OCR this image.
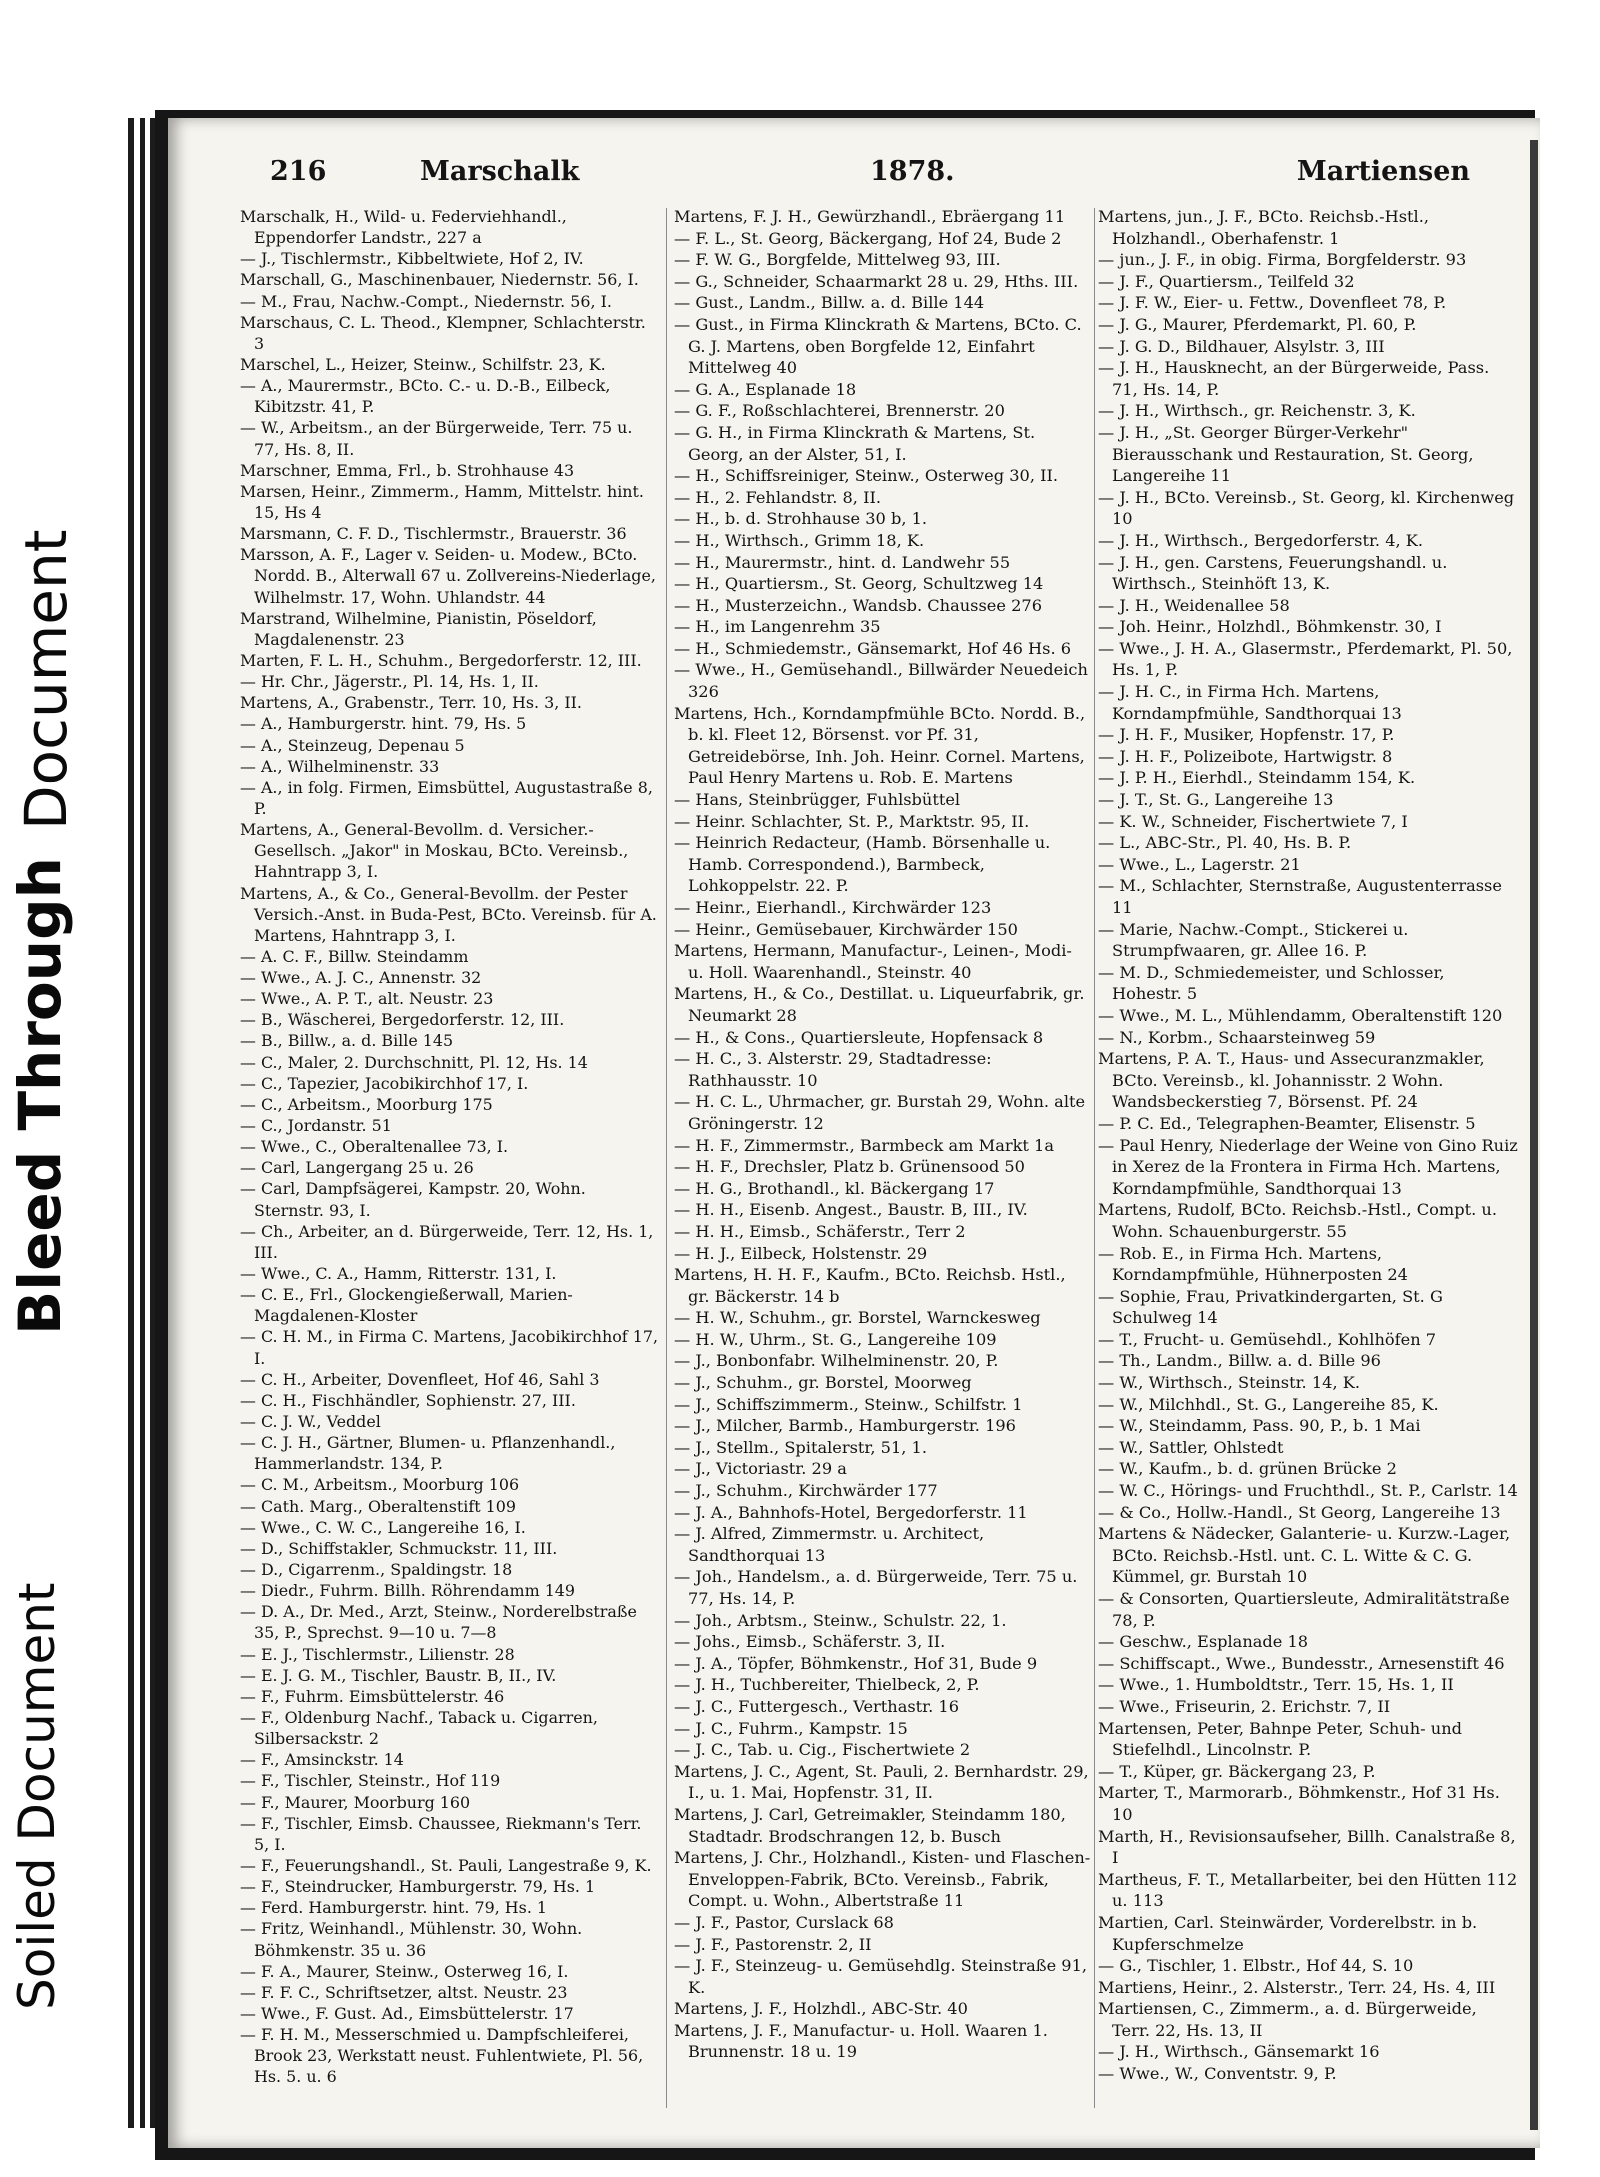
Soiled Document
Bleed Through
Document
216	Marschalk	1878.	Martiensen

Marschalk, H., Wild- u. Federviehhandl., Eppendorfer Landstr., 227 a

— J., Tischlermstr., Kibbeltwiete, Hof 2, IV.

Marschall, G., Maschinenbauer, Niedernstr. 56, I.

— M., Frau, Nachw.-Compt., Niedernstr. 56, I.

Marschaus, C. L. Theod., Klempner, Schlachterstr. 3

Marschel, L., Heizer, Steinw., Schilfstr. 23, K.

— A., Maurermstr., BCto. C.- u. D.-B., Eilbeck, Kibitzstr. 41, P.

— W., Arbeitsm., an der Bürgerweide, Terr. 75 u. 77, Hs. 8, II.

Marschner, Emma, Frl., b. Strohhause 43

Marsen, Heinr., Zimmerm., Hamm, Mittelstr. hint. 15, Hs 4

Marsmann, C. F. D., Tischlermstr., Brauerstr. 36

Marsson, A. F., Lager v. Seiden- u. Modew., BCto. Nordd. B., Alterwall 67 u. Zollvereins-Niederlage, Wilhelmstr. 17, Wohn. Uhlandstr. 44

Marstrand, Wilhelmine, Pianistin, Pöseldorf, Magdalenenstr. 23

Marten, F. L. H., Schuhm., Bergedorferstr. 12, III.

— Hr. Chr., Jägerstr., Pl. 14, Hs. 1, II.

Martens, A., Grabenstr., Terr. 10, Hs. 3, II.

— A., Hamburgerstr. hint. 79, Hs. 5

— A., Steinzeug, Depenau 5

— A., Wilhelminenstr. 33

— A., in folg. Firmen, Eimsbüttel, Augustastraße 8, P.

Martens, A., General-Bevollm. d. Versicher.-Gesellsch. „Jakor" in Moskau, BCto. Vereinsb., Hahntrapp 3, I.

Martens, A., & Co., General-Bevollm. der Pester Versich.-Anst. in Buda-Pest, BCto. Vereinsb. für A. Martens, Hahntrapp 3, I.

— A. C. F., Billw. Steindamm

— Wwe., A. J. C., Annenstr. 32

— Wwe., A. P. T., alt. Neustr. 23

— B., Wäscherei, Bergedorferstr. 12, III.

— B., Billw., a. d. Bille 145

— C., Maler, 2. Durchschnitt, Pl. 12, Hs. 14

— C., Tapezier, Jacobikirchhof 17, I.

— C., Arbeitsm., Moorburg 175

— C., Jordanstr. 51

— Wwe., C., Oberaltenallee 73, I.

— Carl, Langergang 25 u. 26

— Carl, Dampfsägerei, Kampstr. 20, Wohn. Sternstr. 93, I.

— Ch., Arbeiter, an d. Bürgerweide, Terr. 12, Hs. 1, III.

— Wwe., C. A., Hamm, Ritterstr. 131, I.

— C. E., Frl., Glockengießerwall, Marien-Magdalenen-Kloster

— C. H. M., in Firma C. Martens, Jacobikirchhof 17, I.

— C. H., Arbeiter, Dovenfleet, Hof 46, Sahl 3

— C. H., Fischhändler, Sophienstr. 27, III.

— C. J. W., Veddel

— C. J. H., Gärtner, Blumen- u. Pflanzenhandl., Hammerlandstr. 134, P.

— C. M., Arbeitsm., Moorburg 106

— Cath. Marg., Oberaltenstift 109

— Wwe., C. W. C., Langereihe 16, I.

— D., Schiffstakler, Schmuckstr. 11, III.

— D., Cigarrenm., Spaldingstr. 18

— Diedr., Fuhrm. Billh. Röhrendamm 149

— D. A., Dr. Med., Arzt, Steinw., Norderelbstraße 35, P., Sprechst. 9—10 u. 7—8

— E. J., Tischlermstr., Lilienstr. 28

— E. J. G. M., Tischler, Baustr. B, II., IV.

— F., Fuhrm. Eimsbüttelerstr. 46

— F., Oldenburg Nachf., Taback u. Cigarren, Silbersackstr. 2

— F., Amsinckstr. 14

— F., Tischler, Steinstr., Hof 119

— F., Maurer, Moorburg 160

— F., Tischler, Eimsb. Chaussee, Riekmann's Terr. 5, I.

— F., Feuerungshandl., St. Pauli, Langestraße 9, K.

— F., Steindrucker, Hamburgerstr. 79, Hs. 1

— Ferd. Hamburgerstr. hint. 79, Hs. 1

— Fritz, Weinhandl., Mühlenstr. 30, Wohn. Böhmkenstr. 35 u. 36

— F. A., Maurer, Steinw., Osterweg 16, I.

— F. F. C., Schriftsetzer, altst. Neustr. 23

— Wwe., F. Gust. Ad., Eimsbüttelerstr. 17

— F. H. M., Messerschmied u. Dampfschleiferei, Brook 23, Werkstatt neust. Fuhlentwiete, Pl. 56, Hs. 5. u. 6

Martens, F. J. H., Gewürzhandl., Ebräergang 11

— F. L., St. Georg, Bäckergang, Hof 24, Bude 2

— F. W. G., Borgfelde, Mittelweg 93, III.

— G., Schneider, Schaarmarkt 28 u. 29, Hths. III.

— Gust., Landm., Billw. a. d. Bille 144

— Gust., in Firma Klinckrath & Martens, BCto. C. G. J. Martens, oben Borgfelde 12, Einfahrt Mittelweg 40

— G. A., Esplanade 18

— G. F., Roßschlachterei, Brennerstr. 20

— G. H., in Firma Klinckrath & Martens, St. Georg, an der Alster, 51, I.

— H., Schiffsreiniger, Steinw., Osterweg 30, II.

— H., 2. Fehlandstr. 8, II.

— H., b. d. Strohhause 30 b, 1.

— H., Wirthsch., Grimm 18, K.

— H., Maurermstr., hint. d. Landwehr 55

— H., Quartiersm., St. Georg, Schultzweg 14

— H., Musterzeichn., Wandsb. Chaussee 276

— H., im Langenrehm 35

— H., Schmiedemstr., Gänsemarkt, Hof 46 Hs. 6

— Wwe., H., Gemüsehandl., Billwärder Neuedeich 326

Martens, Hch., Korndampfmühle BCto. Nordd. B., b. kl. Fleet 12, Börsenst. vor Pf. 31, Getreidebörse, Inh. Joh. Heinr. Cornel. Martens, Paul Henry Martens u. Rob. E. Martens

— Hans, Steinbrügger, Fuhlsbüttel

— Heinr. Schlachter, St. P., Marktstr. 95, II.

— Heinrich Redacteur, (Hamb. Börsenhalle u. Hamb. Correspondend.), Barmbeck, Lohkoppelstr. 22. P.

— Heinr., Eierhandl., Kirchwärder 123

— Heinr., Gemüsebauer, Kirchwärder 150

Martens, Hermann, Manufactur-, Leinen-, Modi- u. Holl. Waarenhandl., Steinstr. 40

Martens, H., & Co., Destillat. u. Liqueurfabrik, gr. Neumarkt 28

— H., & Cons., Quartiersleute, Hopfensack 8

— H. C., 3. Alsterstr. 29, Stadtadresse: Rathhausstr. 10

— H. C. L., Uhrmacher, gr. Burstah 29, Wohn. alte Gröningerstr. 12

— H. F., Zimmermstr., Barmbeck am Markt 1a

— H. F., Drechsler, Platz b. Grünensood 50

— H. G., Brothandl., kl. Bäckergang 17

— H. H., Eisenb. Angest., Baustr. B, III., IV.

— H. H., Eimsb., Schäferstr., Terr 2

— H. J., Eilbeck, Holstenstr. 29

Martens, H. H. F., Kaufm., BCto. Reichsb. Hstl., gr. Bäckerstr. 14 b

— H. W., Schuhm., gr. Borstel, Warnckesweg

— H. W., Uhrm., St. G., Langereihe 109

— J., Bonbonfabr. Wilhelminenstr. 20, P.

— J., Schuhm., gr. Borstel, Moorweg

— J., Schiffszimmerm., Steinw., Schilfstr. 1

— J., Milcher, Barmb., Hamburgerstr. 196

— J., Stellm., Spitalerstr, 51, 1.

— J., Victoriastr. 29 a

— J., Schuhm., Kirchwärder 177

— J. A., Bahnhofs-Hotel, Bergedorferstr. 11

— J. Alfred, Zimmermstr. u. Architect, Sandthorquai 13

— Joh., Handelsm., a. d. Bürgerweide, Terr. 75 u. 77, Hs. 14, P.

— Joh., Arbtsm., Steinw., Schulstr. 22, 1.

— Johs., Eimsb., Schäferstr. 3, II.

— J. A., Töpfer, Böhmkenstr., Hof 31, Bude 9

— J. H., Tuchbereiter, Thielbeck, 2, P.

— J. C., Futtergesch., Verthastr. 16

— J. C., Fuhrm., Kampstr. 15

— J. C., Tab. u. Cig., Fischertwiete 2

Martens, J. C., Agent, St. Pauli, 2. Bernhardstr. 29, I., u. 1. Mai, Hopfenstr. 31, II.

Martens, J. Carl, Getreimakler, Steindamm 180, Stadtadr. Brodschrangen 12, b. Busch

Martens, J. Chr., Holzhandl., Kisten- und Flaschen-Enveloppen-Fabrik, BCto. Vereinsb., Fabrik, Compt. u. Wohn., Albertstraße 11

— J. F., Pastor, Curslack 68

— J. F., Pastorenstr. 2, II

— J. F., Steinzeug- u. Gemüsehdlg. Steinstraße 91, K.

Martens, J. F., Holzhdl., ABC-Str. 40

Martens, J. F., Manufactur- u. Holl. Waaren 1. Brunnenstr. 18 u. 19

Martens, jun., J. F., BCto. Reichsb.-Hstl., Holzhandl., Oberhafenstr. 1

— jun., J. F., in obig. Firma, Borgfelderstr. 93

— J. F., Quartiersm., Teilfeld 32

— J. F. W., Eier- u. Fettw., Dovenfleet 78, P.

— J. G., Maurer, Pferdemarkt, Pl. 60, P.

— J. G. D., Bildhauer, Alsylstr. 3, III

— J. H., Hausknecht, an der Bürgerweide, Pass. 71, Hs. 14, P.

— J. H., Wirthsch., gr. Reichenstr. 3, K.

— J. H., „St. Georger Bürger-Verkehr" Bierausschank und Restauration, St. Georg, Langereihe 11

— J. H., BCto. Vereinsb., St. Georg, kl. Kirchenweg 10

— J. H., Wirthsch., Bergedorferstr. 4, K.

— J. H., gen. Carstens, Feuerungshandl. u. Wirthsch., Steinhöft 13, K.

— J. H., Weidenallee 58

— Joh. Heinr., Holzhdl., Böhmkenstr. 30, I

— Wwe., J. H. A., Glasermstr., Pferdemarkt, Pl. 50, Hs. 1, P.

— J. H. C., in Firma Hch. Martens, Korndampfmühle, Sandthorquai 13

— J. H. F., Musiker, Hopfenstr. 17, P.

— J. H. F., Polizeibote, Hartwigstr. 8

— J. P. H., Eierhdl., Steindamm 154, K.

— J. T., St. G., Langereihe 13

— K. W., Schneider, Fischertwiete 7, I

— L., ABC-Str., Pl. 40, Hs. B. P.

— Wwe., L., Lagerstr. 21

— M., Schlachter, Sternstraße, Augustenterrasse 11

— Marie, Nachw.-Compt., Stickerei u. Strumpfwaaren, gr. Allee 16. P.

— M. D., Schmiedemeister, und Schlosser, Hohestr. 5

— Wwe., M. L., Mühlendamm, Oberaltenstift 120

— N., Korbm., Schaarsteinweg 59

Martens, P. A. T., Haus- und Assecuranzmakler, BCto. Vereinsb., kl. Johannisstr. 2 Wohn. Wandsbeckerstieg 7, Börsenst. Pf. 24

— P. C. Ed., Telegraphen-Beamter, Elisenstr. 5

— Paul Henry, Niederlage der Weine von Gino Ruiz in Xerez de la Frontera in Firma Hch. Martens, Korndampfmühle, Sandthorquai 13

Martens, Rudolf, BCto. Reichsb.-Hstl., Compt. u. Wohn. Schauenburgerstr. 55

— Rob. E., in Firma Hch. Martens, Korndampfmühle, Hühnerposten 24

— Sophie, Frau, Privatkindergarten, St. G Schulweg 14

— T., Frucht- u. Gemüsehdl., Kohlhöfen 7

— Th., Landm., Billw. a. d. Bille 96

— W., Wirthsch., Steinstr. 14, K.

— W., Milchhdl., St. G., Langereihe 85, K.

— W., Steindamm, Pass. 90, P., b. 1 Mai

— W., Sattler, Ohlstedt

— W., Kaufm., b. d. grünen Brücke 2

— W. C., Hörings- und Fruchthdl., St. P., Carlstr. 14

— & Co., Hollw.-Handl., St Georg, Langereihe 13

Martens & Nädecker, Galanterie- u. Kurzw.-Lager, BCto. Reichsb.-Hstl. unt. C. L. Witte & C. G. Kümmel, gr. Burstah 10

— & Consorten, Quartiersleute, Admiralitätstraße 78, P.

— Geschw., Esplanade 18

— Schiffscapt., Wwe., Bundesstr., Arnesenstift 46

— Wwe., 1. Humboldtstr., Terr. 15, Hs. 1, II

— Wwe., Friseurin, 2. Erichstr. 7, II

Martensen, Peter, Bahnpe Peter, Schuh- und Stiefelhdl., Lincolnstr. P.

— T., Küper, gr. Bäckergang 23, P.

Marter, T., Marmorarb., Böhmkenstr., Hof 31 Hs. 10

Marth, H., Revisionsaufseher, Billh. Canalstraße 8, I

Martheus, F. T., Metallarbeiter, bei den Hütten 112 u. 113

Martien, Carl. Steinwärder, Vorderelbstr. in b. Kupferschmelze

— G., Tischler, 1. Elbstr., Hof 44, S. 10

Martiens, Heinr., 2. Alsterstr., Terr. 24, Hs. 4, III

Martiensen, C., Zimmerm., a. d. Bürgerweide, Terr. 22, Hs. 13, II

— J. H., Wirthsch., Gänsemarkt 16

— Wwe., W., Conventstr. 9, P.
